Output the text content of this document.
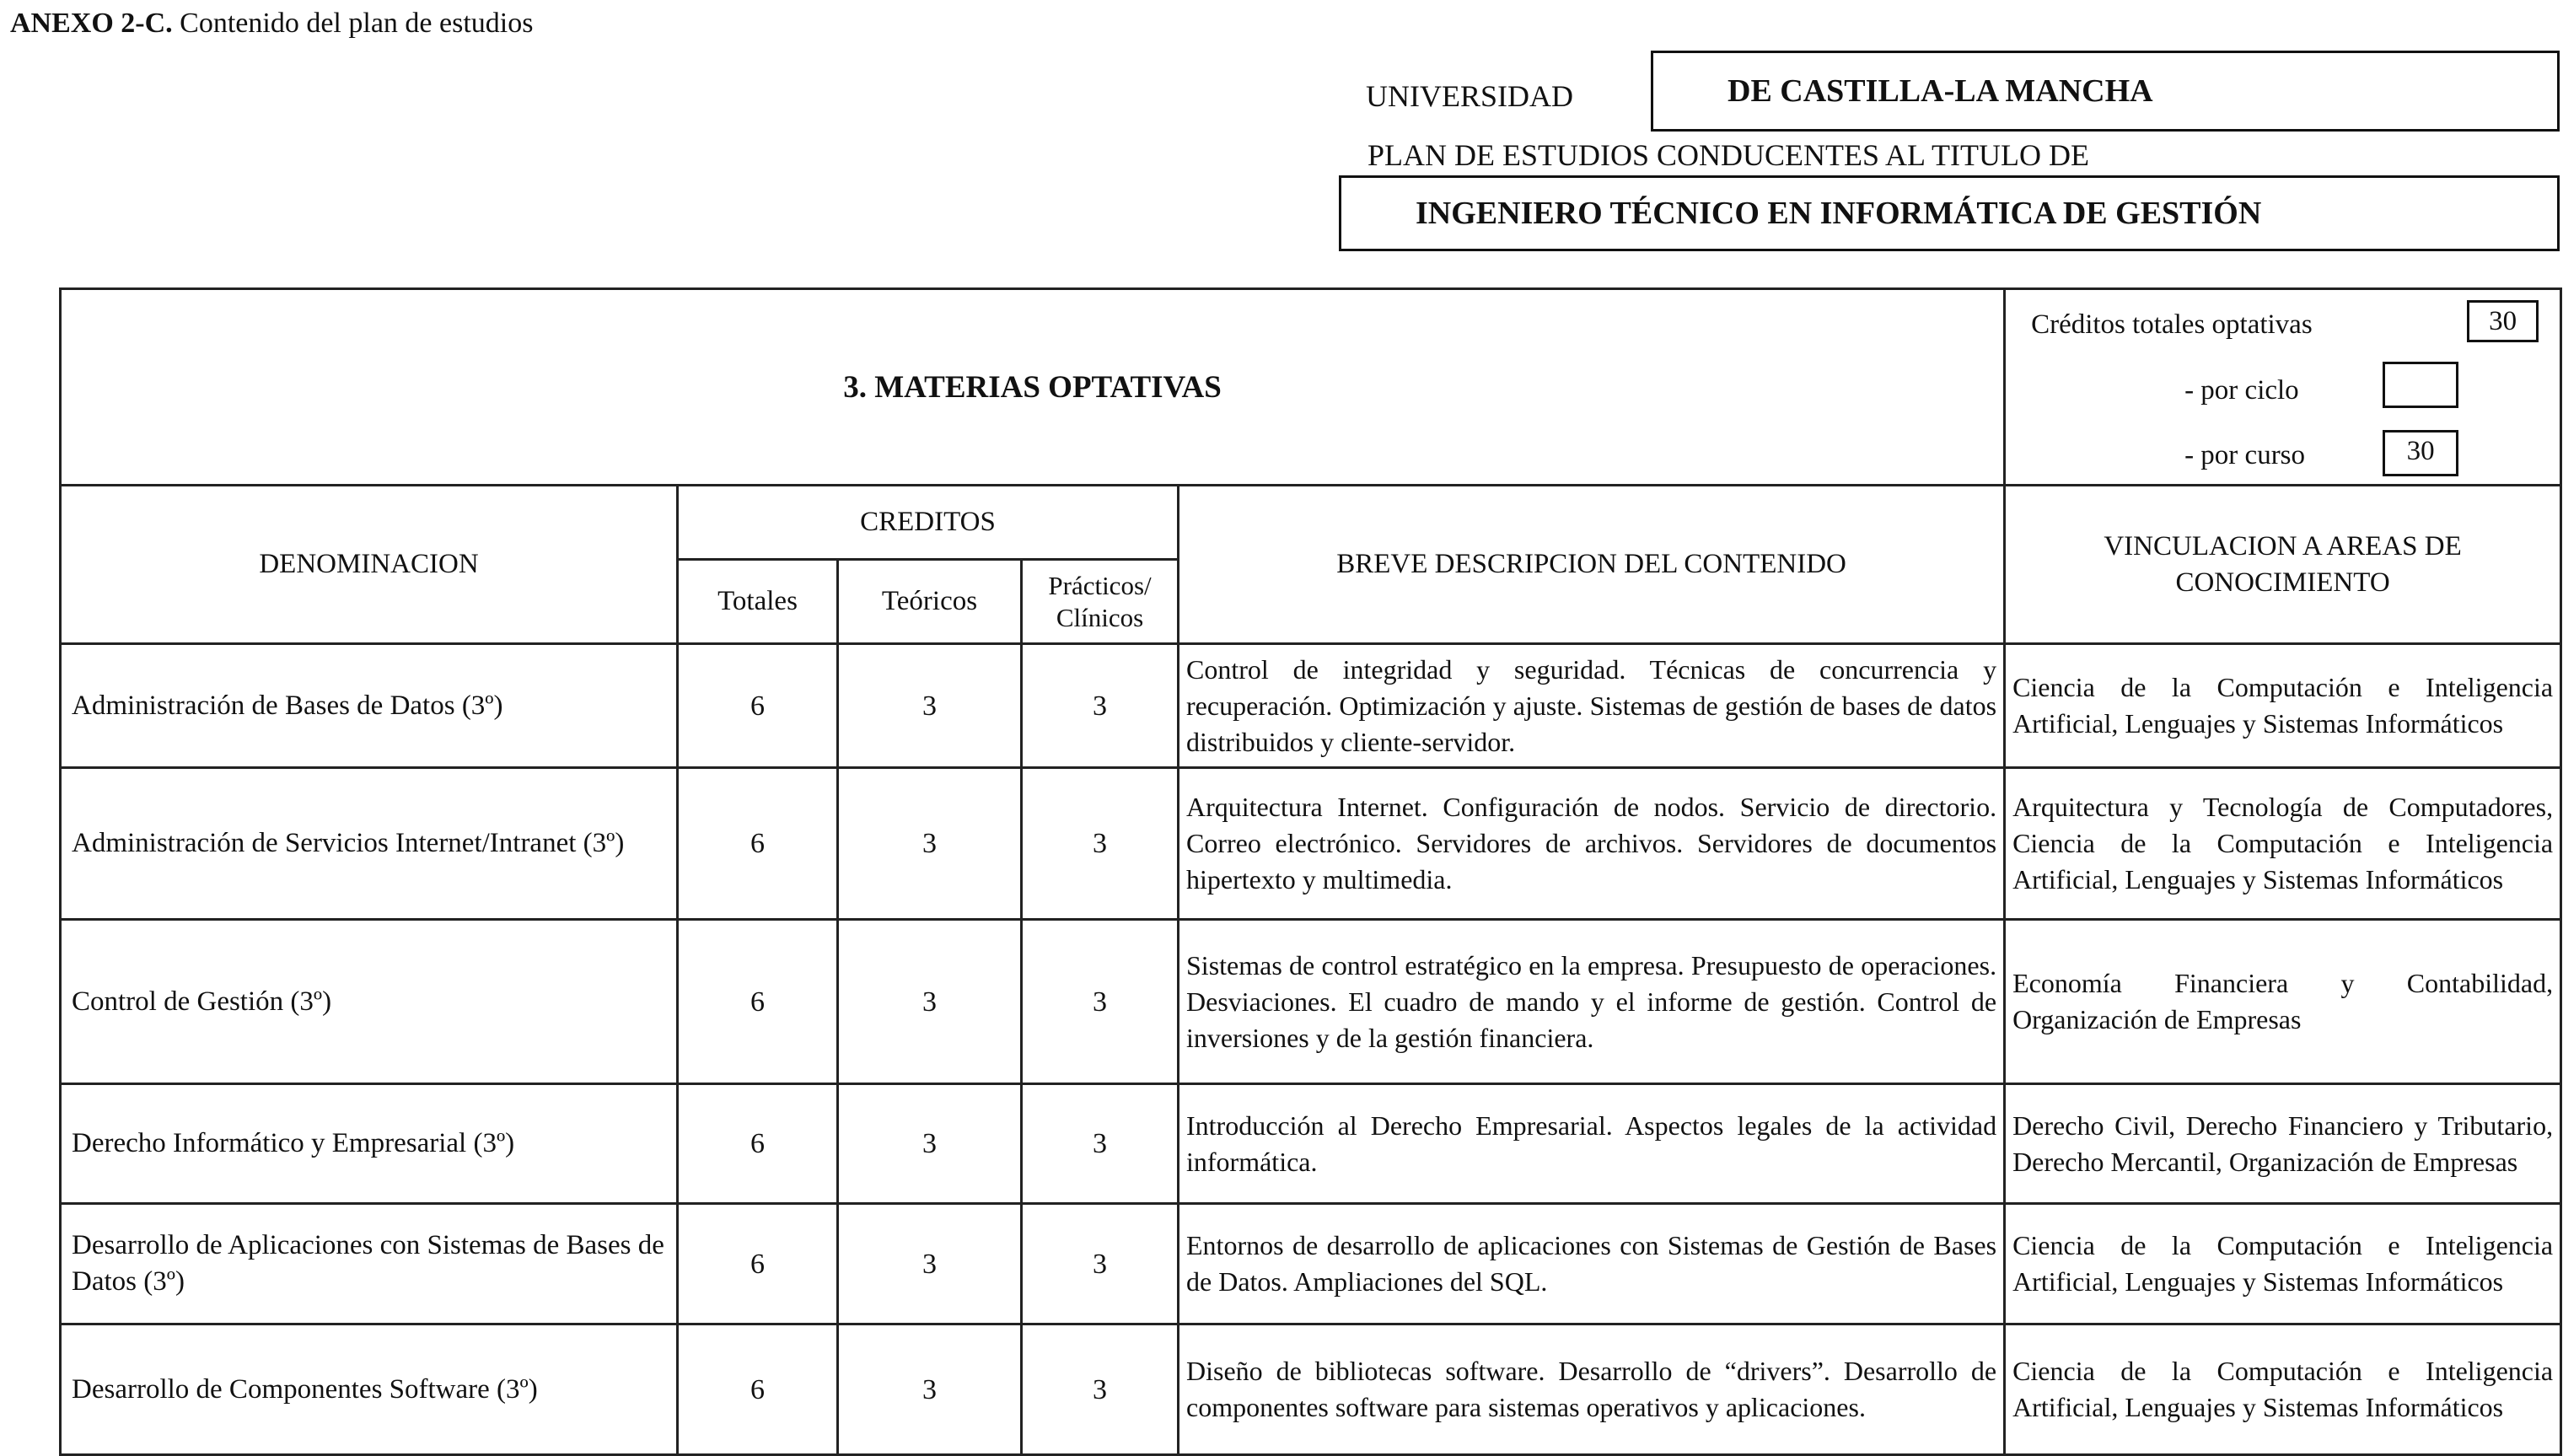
ANEXO 2-C. Contenido del plan de estudios
UNIVERSIDAD	DE CASTILLA-LA MANCHA
PLAN DE ESTUDIOS CONDUCENTES AL TITULO DE
INGENIERO TÉCNICO EN INFORMÁTICA DE GESTIÓN
3. MATERIAS OPTATIVAS					Créditos totales optativas 30
- por ciclo
- por curso 30

DENOMINACION	CREDITOS			BREVE DESCRIPCION DEL CONTENIDO	VINCULACION A AREAS DE
CONOCIMIENTO
	Totales	Teóricos	Prácticos/
Clínicos		
Administración de Bases de Datos (3º)	6	3	3	Control de integridad y seguridad. Técnicas de concurrencia y recuperación. Optimización y ajuste. Sistemas de gestión de bases de datos distribuidos y cliente-servidor.	Ciencia de la Computación e Inteligencia Artificial, Lenguajes y Sistemas Informáticos
Administración de Servicios Internet/Intranet (3º)	6	3	3	Arquitectura Internet. Configuración de nodos. Servicio de directorio. Correo electrónico. Servidores de archivos. Servidores de documentos hipertexto y multimedia.	Arquitectura y Tecnología de Computadores, Ciencia de la Computación e Inteligencia Artificial, Lenguajes y Sistemas Informáticos
Control de Gestión (3º)	6	3	3	Sistemas de control estratégico en la empresa. Presupuesto de operaciones. Desviaciones. El cuadro de mando y el informe de gestión. Control de inversiones y de la gestión financiera.	Economía Financiera y Contabilidad, Organización de Empresas
Derecho Informático y Empresarial (3º)	6	3	3	Introducción al Derecho Empresarial. Aspectos legales de la actividad informática.	Derecho Civil, Derecho Financiero y Tributario, Derecho Mercantil, Organización de Empresas
Desarrollo de Aplicaciones con Sistemas de Bases de Datos (3º)	6	3	3	Entornos de desarrollo de aplicaciones con Sistemas de Gestión de Bases de Datos. Ampliaciones del SQL.	Ciencia de la Computación e Inteligencia Artificial, Lenguajes y Sistemas Informáticos
Desarrollo de Componentes Software (3º)	6	3	3	Diseño de bibliotecas software. Desarrollo de “drivers”. Desarrollo de componentes software para sistemas operativos y aplicaciones.	Ciencia de la Computación e Inteligencia Artificial, Lenguajes y Sistemas Informáticos
